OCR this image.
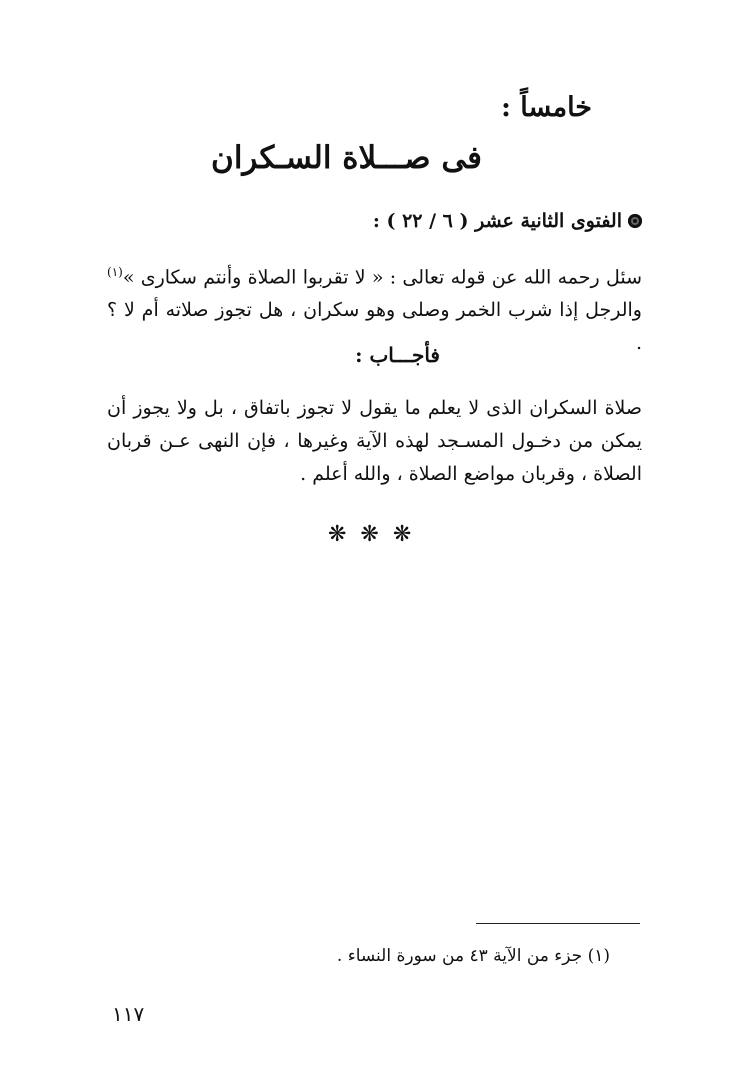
خامساً :
فى صـــلاة السـكران
الفتوى الثانية عشر ( ٦ / ٢٢ ) :

سئل رحمه الله عن قوله تعالى : « لا تقربوا الصلاة وأنتم سكارى »$^{(١)}$ والرجل إذا شرب الخمر وصلى وهو سكران ، هل تجوز صلاته أم لا ؟ .

فأجـــاب :

صلاة السكران الذى لا يعلم ما يقول لا تجوز باتفاق ، بل ولا يجوز أن يمكن من دخـول المسـجد لهذه الآية وغيرها ، فإن النهى عـن قربان الصلاة ، وقربان مواضع الصلاة ، والله أعلم .

❋❋❋
(١) جزء من الآية ٤٣ من سورة النساء .
١١٧
